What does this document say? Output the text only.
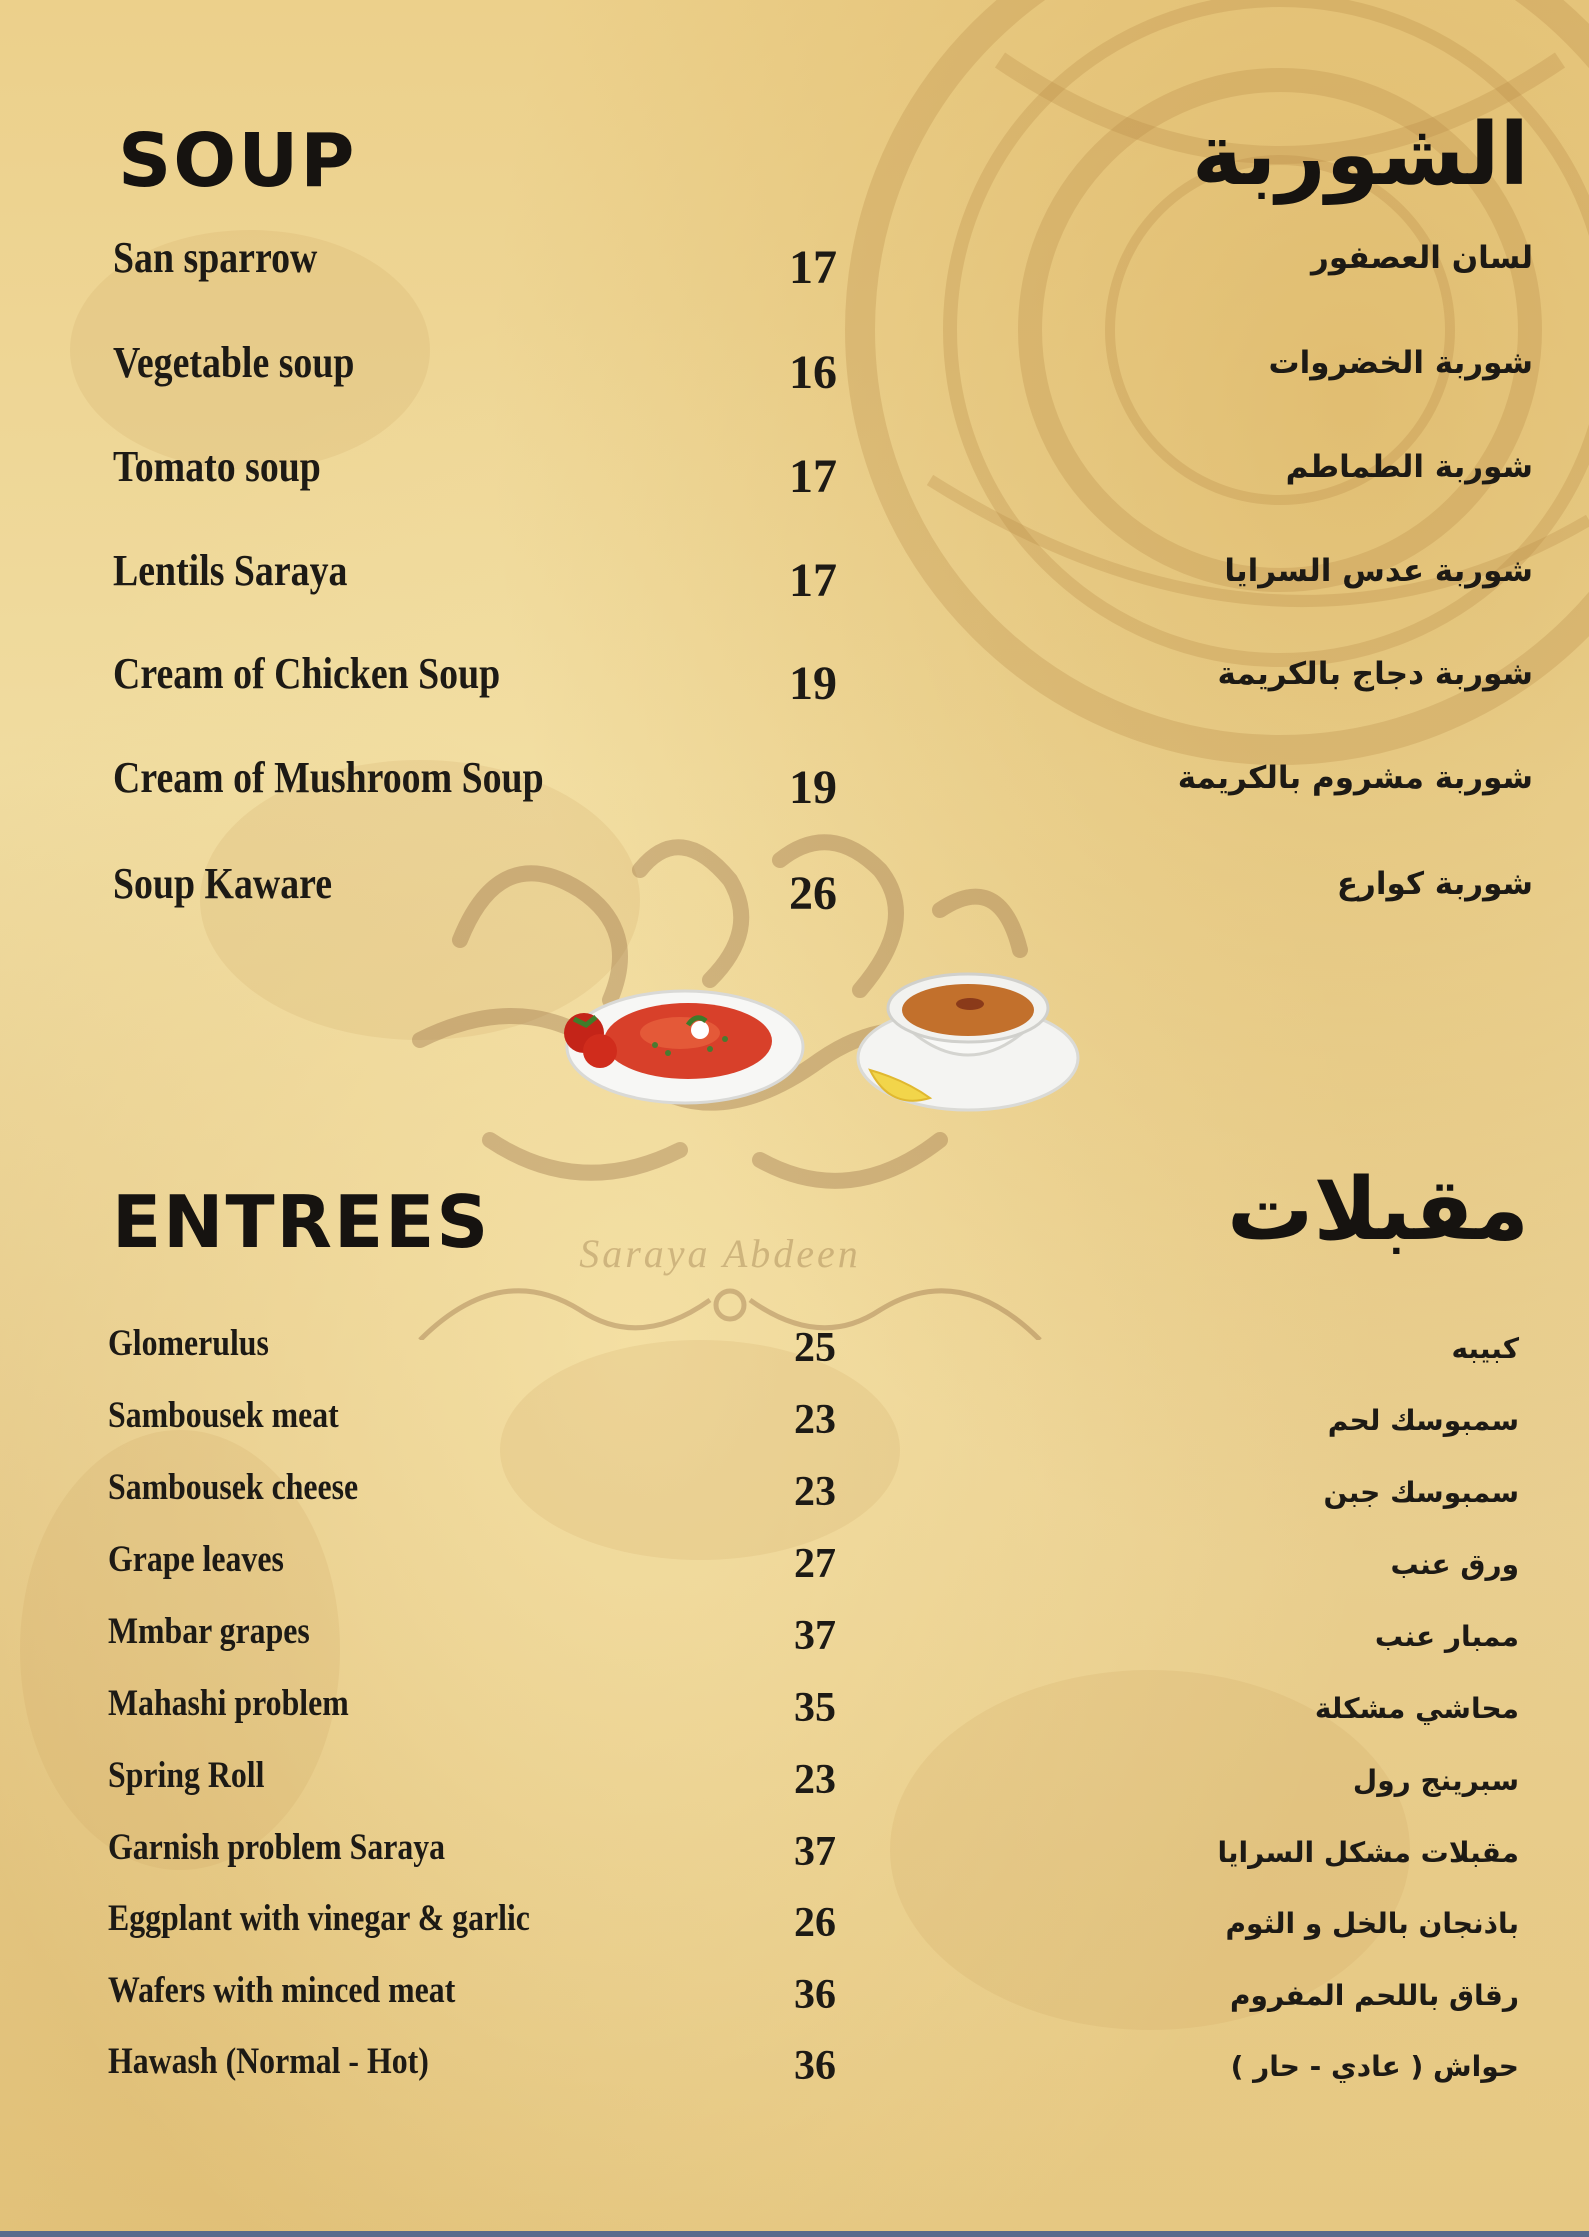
Saraya Abdeen
SOUP	الشوربة
San sparrow	17	لسان العصفور
Vegetable soup	16	شوربة الخضروات
Tomato soup	17	شوربة الطماطم
Lentils Saraya	17	شوربة عدس السرايا
Cream of Chicken Soup	19	شوربة دجاج بالكريمة
Cream of Mushroom Soup	19	شوربة مشروم بالكريمة
Soup Kaware	26	شوربة كوارع
ENTREES	مقبلات
Glomerulus	25	كبيبه
Sambousek meat	23	سمبوسك لحم
Sambousek cheese	23	سمبوسك جبن
Grape leaves	27	ورق عنب
Mmbar grapes	37	ممبار عنب
Mahashi problem	35	محاشي مشكلة
Spring Roll	23	سبرينج رول
Garnish problem Saraya	37	مقبلات مشكل السرايا
Eggplant with vinegar & garlic	26	باذنجان بالخل و الثوم
Wafers with minced meat	36	رقاق باللحم المفروم
Hawash (Normal - Hot)	36	حواش ( عادي - حار )
